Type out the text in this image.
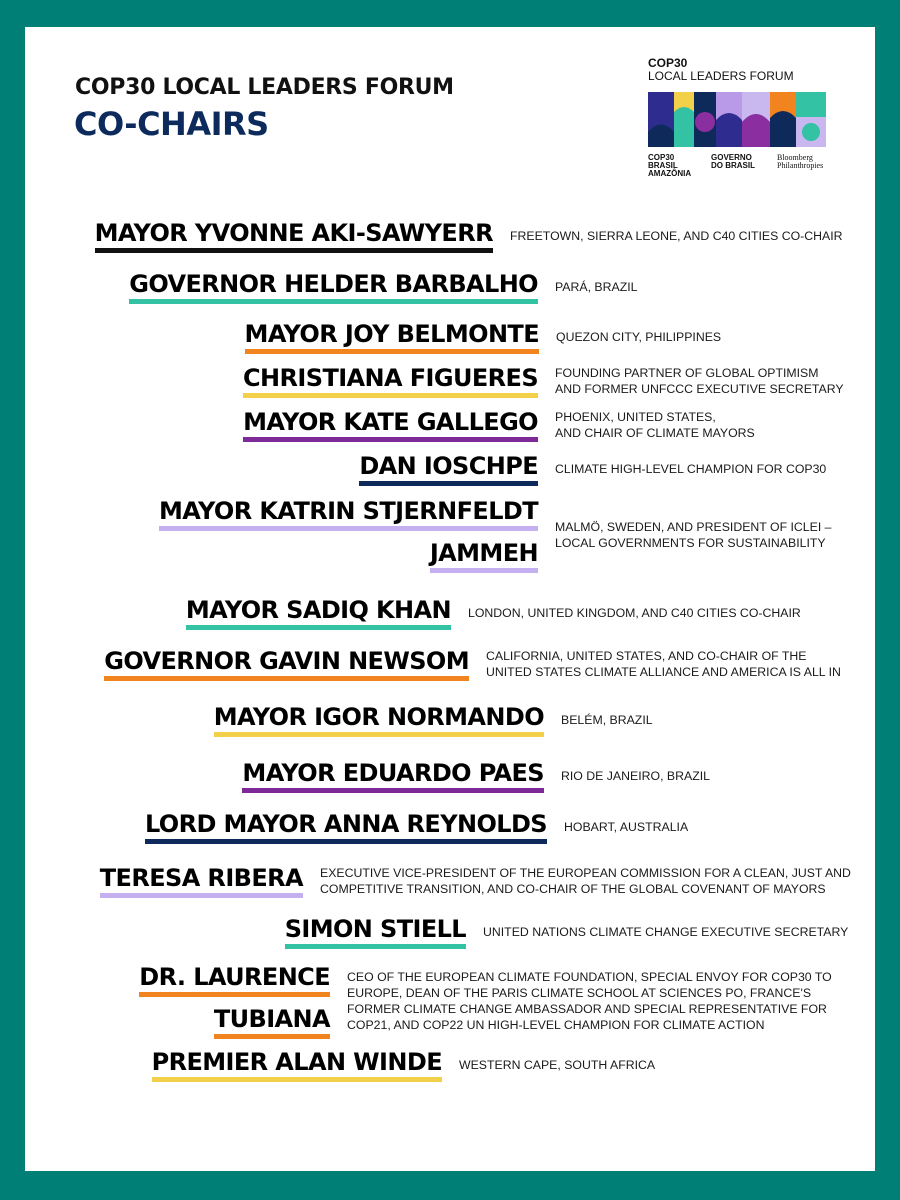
COP30 LOCAL LEADERS FORUM
CO-CHAIRS
COP30
LOCAL LEADERS FORUM
COP30 BRASIL AMAZÔNIA
GOVERNO DO BRASIL
Bloomberg Philanthropies
MAYOR YVONNE AKI-SAWYERR FREETOWN, SIERRA LEONE, AND C40 CITIES CO-CHAIR
GOVERNOR HELDER BARBALHO PARÁ, BRAZIL
MAYOR JOY BELMONTE QUEZON CITY, PHILIPPINES
CHRISTIANA FIGUERES FOUNDING PARTNER OF GLOBAL OPTIMISM
AND FORMER UNFCCC EXECUTIVE SECRETARY
MAYOR KATE GALLEGO PHOENIX, UNITED STATES,
AND CHAIR OF CLIMATE MAYORS
DAN IOSCHPE CLIMATE HIGH-LEVEL CHAMPION FOR COP30
MAYOR KATRIN STJERNFELDT
JAMMEH
MALMÖ, SWEDEN, AND PRESIDENT OF ICLEI –
LOCAL GOVERNMENTS FOR SUSTAINABILITY
MAYOR SADIQ KHAN LONDON, UNITED KINGDOM, AND C40 CITIES CO-CHAIR
GOVERNOR GAVIN NEWSOM CALIFORNIA, UNITED STATES, AND CO-CHAIR OF THE
UNITED STATES CLIMATE ALLIANCE AND AMERICA IS ALL IN
MAYOR IGOR NORMANDO BELÉM, BRAZIL
MAYOR EDUARDO PAES RIO DE JANEIRO, BRAZIL
LORD MAYOR ANNA REYNOLDS HOBART, AUSTRALIA
TERESA RIBERA EXECUTIVE VICE-PRESIDENT OF THE EUROPEAN COMMISSION FOR A CLEAN, JUST AND
COMPETITIVE TRANSITION, AND CO-CHAIR OF THE GLOBAL COVENANT OF MAYORS
SIMON STIELL UNITED NATIONS CLIMATE CHANGE EXECUTIVE SECRETARY
DR. LAURENCE
TUBIANA
CEO OF THE EUROPEAN CLIMATE FOUNDATION, SPECIAL ENVOY FOR COP30 TO
EUROPE, DEAN OF THE PARIS CLIMATE SCHOOL AT SCIENCES PO, FRANCE'S
FORMER CLIMATE CHANGE AMBASSADOR AND SPECIAL REPRESENTATIVE FOR
COP21, AND COP22 UN HIGH-LEVEL CHAMPION FOR CLIMATE ACTION
PREMIER ALAN WINDE WESTERN CAPE, SOUTH AFRICA
